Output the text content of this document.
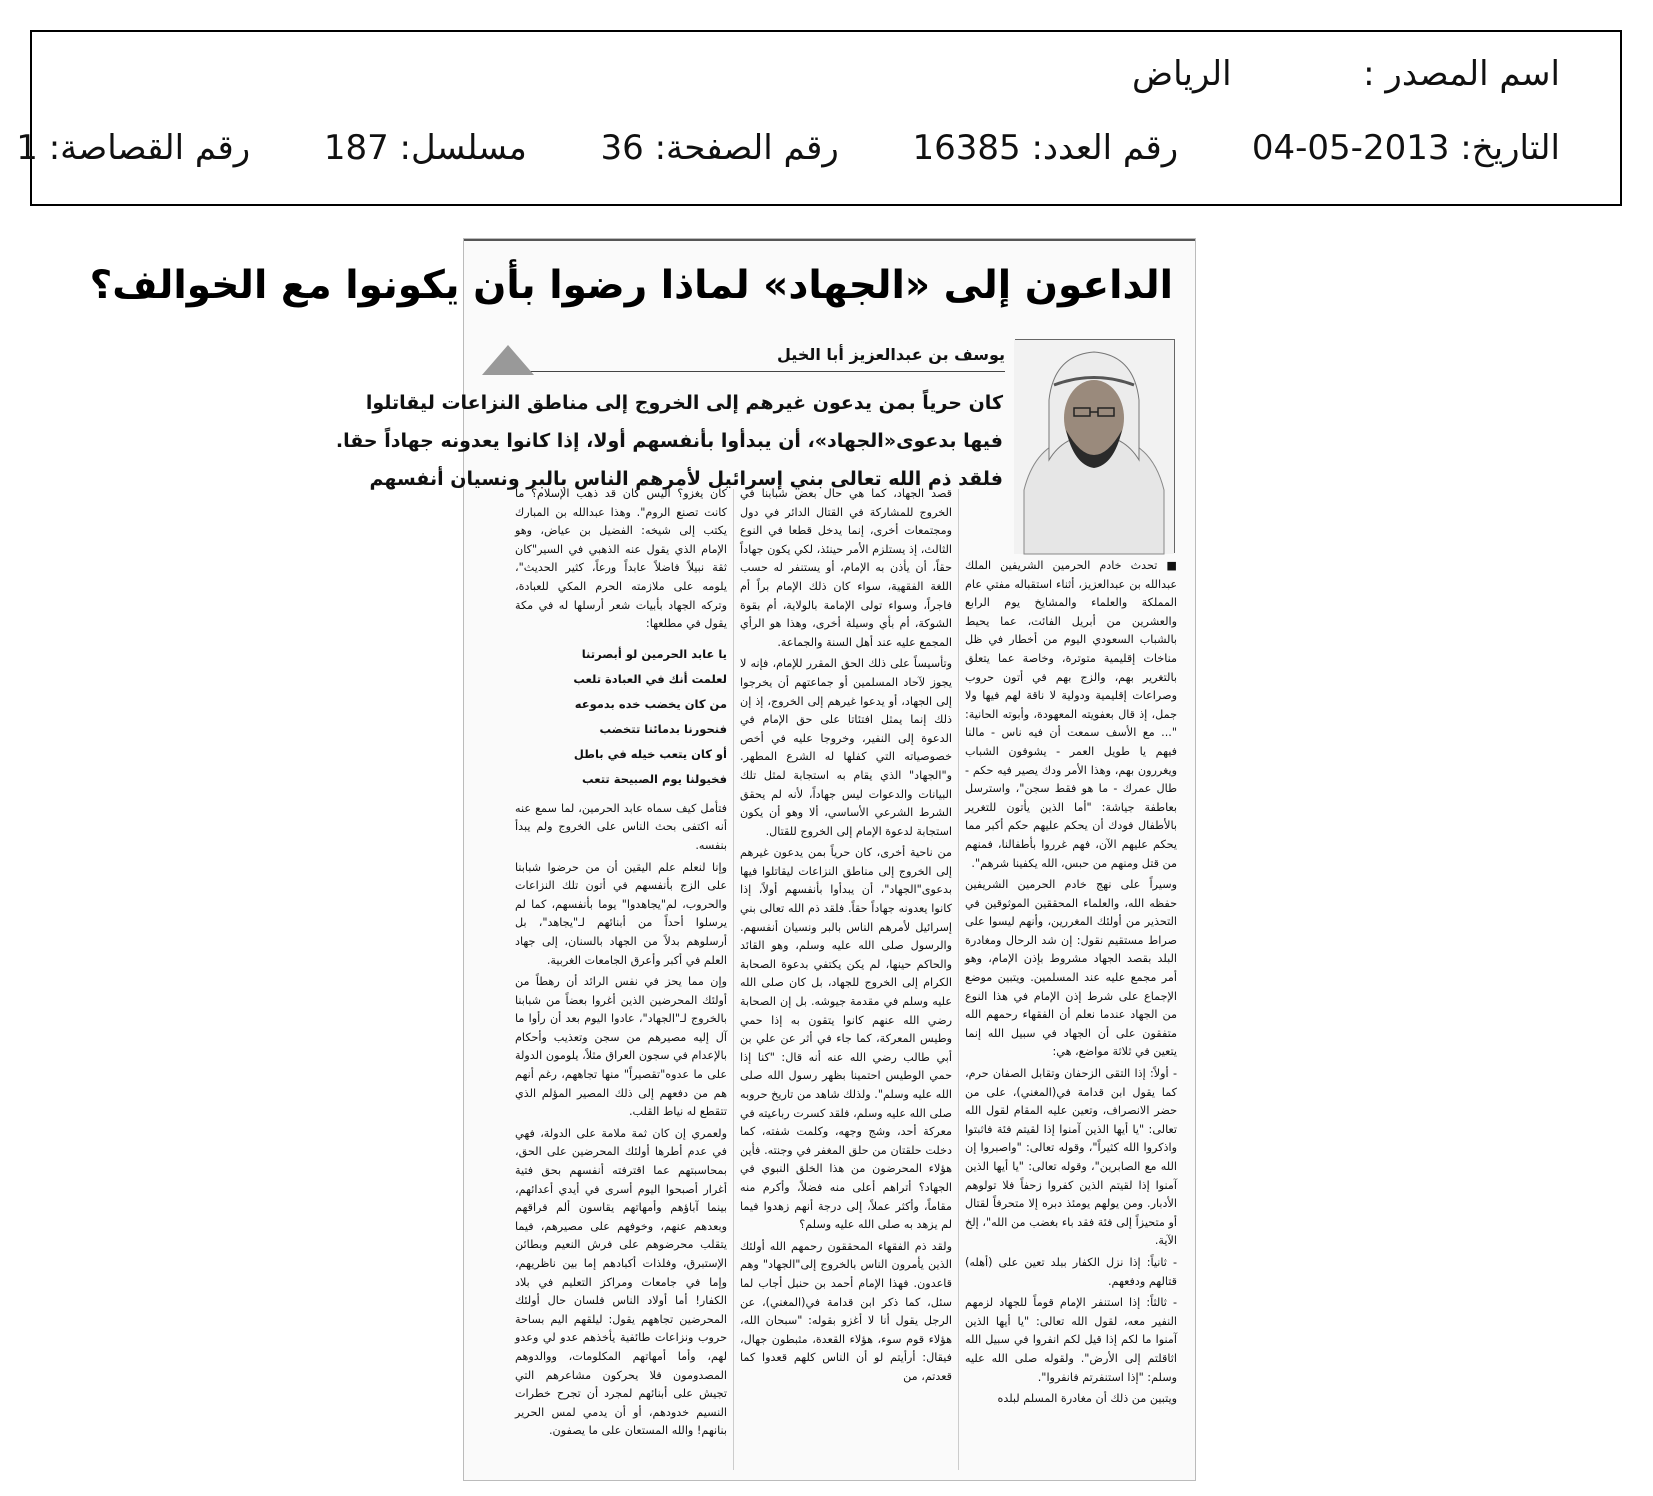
اسم المصدر :  الرياض
التاريخ: 2013-05-04  رقم العدد: 16385  رقم الصفحة: 36  مسلسل: 187  رقم القصاصة: 1
الداعون إلى «الجهاد» لماذا رضوا بأن يكونوا مع الخوالف؟
يوسف بن عبدالعزيز أبا الخيل
كان حرياً بمن يدعون غيرهم إلى الخروج إلى مناطق النزاعات ليقاتلوا
فيها بدعوى«الجهاد»، أن يبدأوا بأنفسهم أولا، إذا كانوا يعدونه جهاداً حقا.
فلقد ذم الله تعالى بني إسرائيل لأمرهم الناس بالبر ونسيان أنفسهم

■ تحدث خادم الحرمين الشريفين الملك عبدالله بن عبدالعزيز، أثناء استقباله مفتي عام المملكة والعلماء والمشايخ يوم الرابع والعشرين من أبريل الفائت، عما يحيط بالشباب السعودي اليوم من أخطار في ظل مناخات إقليمية متوترة، وخاصة عما يتعلق بالتغرير بهم، والزج بهم في أتون حروب وصراعات إقليمية ودولية لا ناقة لهم فيها ولا جمل، إذ قال بعفويته المعهودة، وأبوته الحانية: "... مع الأسف سمعت أن فيه ناس - مالنا فيهم يا طويل العمر - يشوفون الشباب ويغررون بهم، وهذا الأمر ودك يصير فيه حكم - طال عمرك - ما هو فقط سجن"، واسترسل بعاطفة جياشة: "أما الذين يأتون للتغرير بالأطفال فودك أن يحكم عليهم حكم أكبر مما يحكم عليهم الآن، فهم غرروا بأطفالنا، فمنهم من قتل ومنهم من حبس، الله يكفينا شرهم".

وسيراً على نهج خادم الحرمين الشريفين حفظه الله، والعلماء المحققين الموثوقين في التحذير من أولئك المغررين، وأنهم ليسوا على صراط مستقيم نقول: إن شد الرحال ومغادرة البلد بقصد الجهاد مشروط بإذن الإمام، وهو أمر مجمع عليه عند المسلمين. ويتبين موضع الإجماع على شرط إذن الإمام في هذا النوع من الجهاد عندما نعلم أن الفقهاء رحمهم الله متفقون على أن الجهاد في سبيل الله إنما يتعين في ثلاثة مواضع، هي:

- أولاً: إذا التقى الزحفان وتقابل الصفان حرم، كما يقول ابن قدامة في(المغني)، على من حضر الانصراف، وتعين عليه المقام لقول الله تعالى: "يا أيها الذين آمنوا إذا لقيتم فئة فاثبتوا واذكروا الله كثيراً"، وقوله تعالى: "واصبروا إن الله مع الصابرين"، وقوله تعالى: "يا أيها الذين آمنوا إذا لقيتم الذين كفروا زحفاً فلا تولوهم الأدبار. ومن يولهم يومئذ دبره إلا متحرفاً لقتال أو متحيزاً إلى فئة فقد باء بغضب من الله"، إلخ الآية.

- ثانياً: إذا نزل الكفار ببلد تعين على (أهله) قتالهم ودفعهم.

- ثالثاً: إذا استنفر الإمام قوماً للجهاد لزمهم النفير معه، لقول الله تعالى: "يا أيها الذين آمنوا ما لكم إذا قيل لكم انفروا في سبيل الله اثاقلتم إلى الأرض". ولقوله صلى الله عليه وسلم: "إذا استنفرتم فانفروا".

ويتبين من ذلك أن مغادرة المسلم لبلده

قصد الجهاد، كما هي حال بعض شبابنا في الخروج للمشاركة في القتال الدائر في دول ومجتمعات أخرى، إنما يدخل قطعا في النوع الثالث، إذ يستلزم الأمر حينئذ، لكي يكون جهاداً حقاً، أن يأذن به الإمام، أو يستنفر له حسب اللغة الفقهية، سواء كان ذلك الإمام براً أم فاجراً، وسواء تولى الإمامة بالولاية، أم بقوة الشوكة، أم بأي وسيلة أخرى، وهذا هو الرأي المجمع عليه عند أهل السنة والجماعة.

وتأسيساً على ذلك الحق المقرر للإمام، فإنه لا يجوز لآحاد المسلمين أو جماعتهم أن يخرجوا إلى الجهاد، أو يدعوا غيرهم إلى الخروج، إذ إن ذلك إنما يمثل افتئاتا على حق الإمام في الدعوة إلى النفير، وخروجا عليه في أخص خصوصياته التي كفلها له الشرع المطهر. و"الجهاد" الذي يقام به استجابة لمثل تلك البيانات والدعوات ليس جهاداً، لأنه لم يحقق الشرط الشرعي الأساسي، ألا وهو أن يكون استجابة لدعوة الإمام إلى الخروج للقتال.

من ناحية أخرى، كان حرياً بمن يدعون غيرهم إلى الخروج إلى مناطق النزاعات ليقاتلوا فيها بدعوى"الجهاد"، أن يبدأوا بأنفسهم أولاً، إذا كانوا يعدونه جهاداً حقاً. فلقد ذم الله تعالى بني إسرائيل لأمرهم الناس بالبر ونسيان أنفسهم. والرسول صلى الله عليه وسلم، وهو القائد والحاكم حينها، لم يكن يكتفي بدعوة الصحابة الكرام إلى الخروج للجهاد، بل كان صلى الله عليه وسلم في مقدمة جيوشه. بل إن الصحابة رضي الله عنهم كانوا يتقون به إذا حمي وطيس المعركة، كما جاء في أثر عن علي بن أبي طالب رضي الله عنه أنه قال: "كنا إذا حمي الوطيس احتمينا بظهر رسول الله صلى الله عليه وسلم". ولذلك شاهد من تاريخ حروبه صلى الله عليه وسلم، فلقد كسرت رباعيته في معركة أحد، وشج وجهه، وكلمت شفته، كما دخلت حلقتان من حلق المغفر في وجنته. فأين هؤلاء المحرضون من هذا الخلق النبوي في الجهاد؟ أتراهم أعلى منه فضلاً، وأكرم منه مقاماً، وأكثر عملاً، إلى درجة أنهم زهدوا فيما لم يزهد به صلى الله عليه وسلم؟

ولقد ذم الفقهاء المحققون رحمهم الله أولئك الذين يأمرون الناس بالخروج إلى"الجهاد" وهم قاعدون. فهذا الإمام أحمد بن حنبل أجاب لما سئل، كما ذكر ابن قدامة في(المغني)، عن الرجل يقول أنا لا أغزو بقوله: "سبحان الله، هؤلاء قوم سوء، هؤلاء القعدة، مثبطون جهال، فيقال: أرأيتم لو أن الناس كلهم قعدوا كما قعدتم، من

كان يغزو؟ أليس كان قد ذهب الإسلام؟ ما كانت تصنع الروم". وهذا عبدالله بن المبارك يكتب إلى شيخه: الفضيل بن عياض، وهو الإمام الذي يقول عنه الذهبي في السير"كان ثقة نبيلاً فاضلاً عابداً ورعاً، كثير الحديث"، يلومه على ملازمته الحرم المكي للعبادة، وتركه الجهاد بأبيات شعر أرسلها له في مكة يقول في مطلعها:

يا عابد الحرمين لو أبصرتنا
لعلمت أنك في العبادة تلعب
من كان يخضب خده بدموعه
فنحورنا بدمائنا تتخضب
أو كان يتعب خيله في باطل
فخيولنا يوم الصبيحة تتعب

فتأمل كيف سماه عابد الحرمين، لما سمع عنه أنه اكتفى بحث الناس على الخروج ولم يبدأ بنفسه.

وإنا لنعلم علم اليقين أن من حرضوا شبابنا على الزج بأنفسهم في أتون تلك النزاعات والحروب، لم"يجاهدوا" يوما بأنفسهم، كما لم يرسلوا أحداً من أبنائهم لـ"يجاهد"، بل أرسلوهم بدلاً من الجهاد بالسنان، إلى جهاد العلم في أكبر وأعرق الجامعات الغربية.

وإن مما يحز في نفس الرائد أن رهطاً من أولئك المحرضين الذين أغروا بعضاً من شبابنا بالخروج لـ"الجهاد"، عادوا اليوم بعد أن رأوا ما آل إليه مصيرهم من سجن وتعذيب وأحكام بالإعدام في سجون العراق مثلاً، يلومون الدولة على ما عدوه"تقصيراً" منها تجاههم، رغم أنهم هم من دفعهم إلى ذلك المصير المؤلم الذي تتقطع له نياط القلب.

ولعمري إن كان ثمة ملامة على الدولة، فهي في عدم أطرها أولئك المحرضين على الحق، بمحاسبتهم عما اقترفته أنفسهم بحق فتية أغرار أصبحوا اليوم أسرى في أيدي أعدائهم، بينما آباؤهم وأمهاتهم يقاسون ألم فراقهم وبعدهم عنهم، وخوفهم على مصيرهم، فيما يتقلب محرضوهم على فرش النعيم وبطائن الإستبرق، وفلذات أكبادهم إما بين ناظريهم، وإما في جامعات ومراكز التعليم في بلاد الكفار! أما أولاد الناس فلسان حال أولئك المحرضين تجاههم يقول: ليلقهم اليم بساحة حروب ونزاعات طائفية يأخذهم عدو لي وعدو لهم، وأما أمهاتهم المكلومات، ووالدوهم المصدومون فلا يحركون مشاعرهم التي تجيش على أبنائهم لمجرد أن تجرح خطرات النسيم خدودهم، أو أن يدمي لمس الحرير بنانهم! والله المستعان على ما يصفون.
